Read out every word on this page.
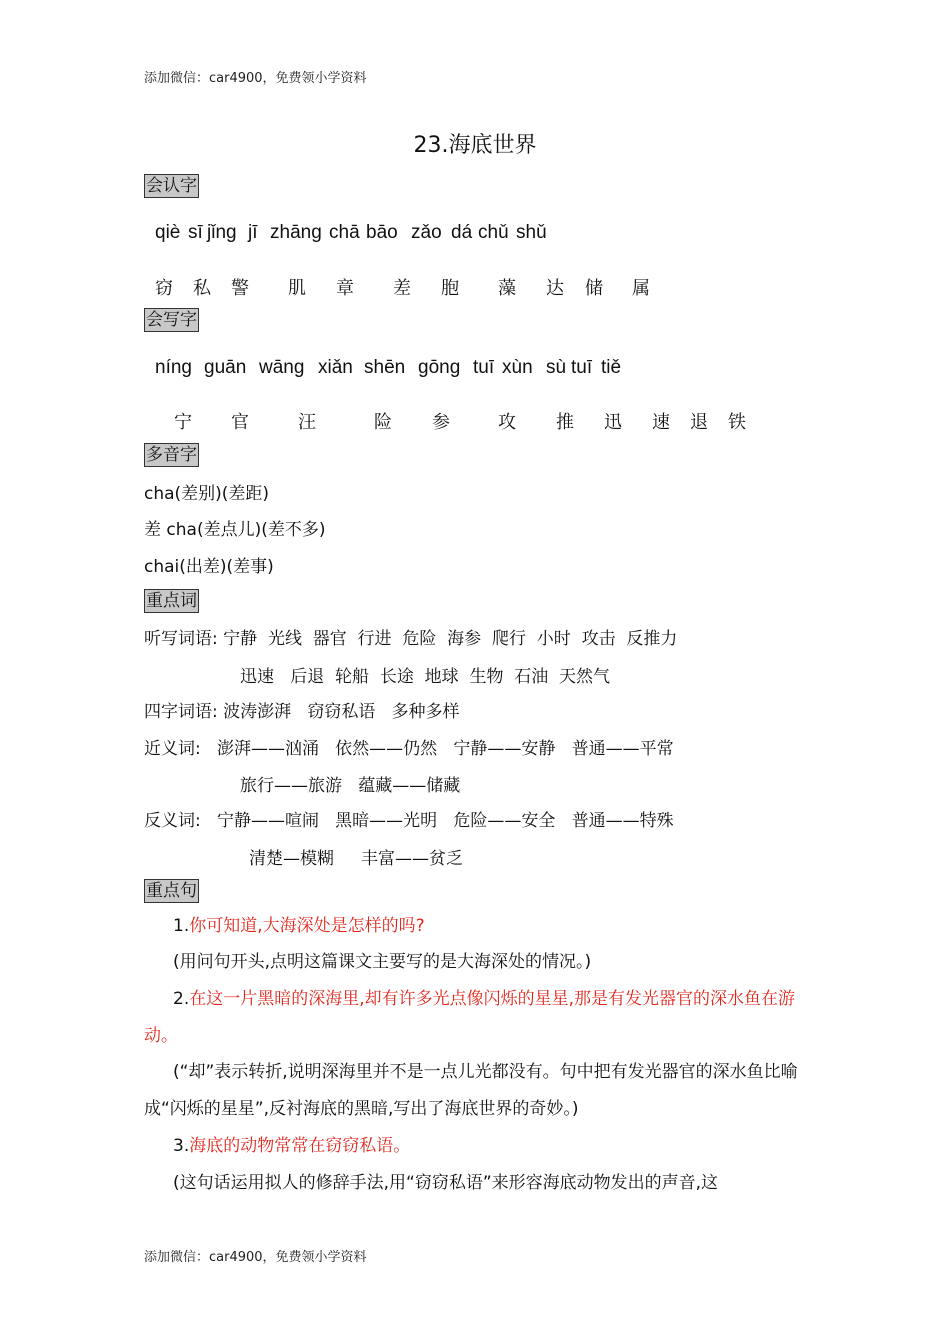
添加微信：car4900，免费领小学资料
23.海底世界
会认字
qiè sī jǐng jī zhāng chā bāo zǎo dá chǔ shǔ
窃 私 警 肌 章 差 胞 藻 达 储 属
会写字
níng guān wāng xiǎn shēn gōng tuī xùn sù tuī tiě
宁 官	汪	险 参	攻 推 迅 速 退 铁
多音字
cha(差别)(差距)
差 cha(差点儿)(差不多)
chai(出差)(差事)
重点词
听写词语: 宁静  光线  器官  行进  危险  海参  爬行  小时  攻击  反推力
迅速   后退  轮船  长途  地球  生物  石油  天然气
四字词语: 波涛澎湃   窃窃私语   多种多样
近义词:   澎湃——汹涌   依然——仍然   宁静——安静   普通——平常
旅行——旅游   蕴藏——储藏
反义词:   宁静——喧闹   黑暗——光明   危险——安全   普通——特殊
清楚—模糊     丰富——贫乏
重点句
1.你可知道,大海深处是怎样的吗?
(用问句开头,点明这篇课文主要写的是大海深处的情况。)
2.在这一片黑暗的深海里,却有许多光点像闪烁的星星,那是有发光器官的深水鱼在游动。
(“却”表示转折,说明深海里并不是一点儿光都没有。句中把有发光器官的深水鱼比喻成“闪烁的星星”,反衬海底的黑暗,写出了海底世界的奇妙。)
3.海底的动物常常在窃窃私语。
(这句话运用拟人的修辞手法,用“窃窃私语”来形容海底动物发出的声音,这
添加微信：car4900，免费领小学资料
